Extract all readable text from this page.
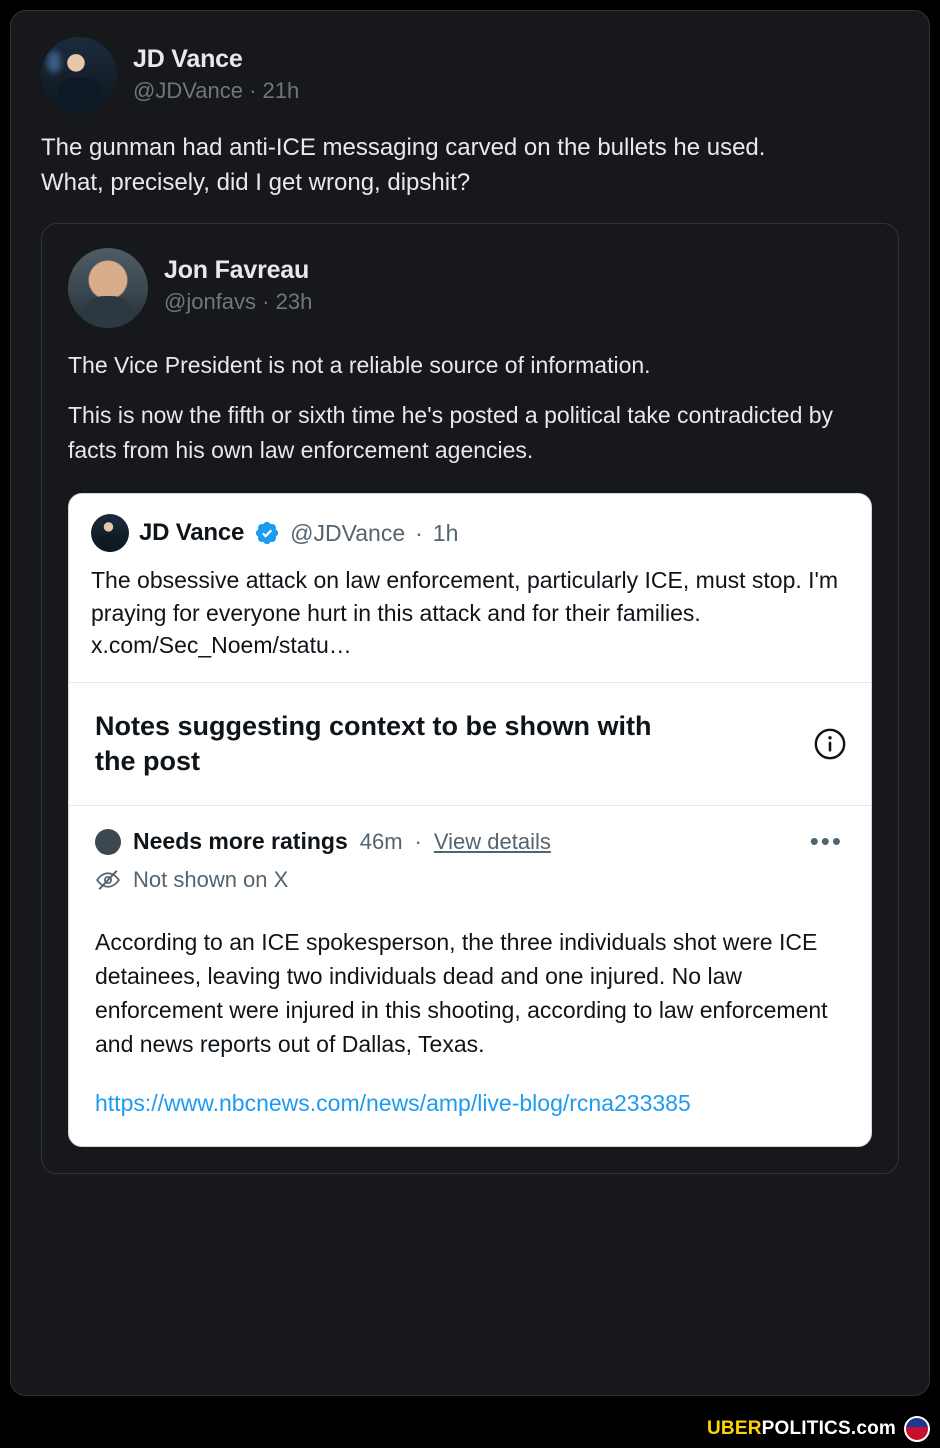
JD Vance
@JDVance · 21h

The gunman had anti-ICE messaging carved on the bullets he used.

What, precisely, did I get wrong, dipshit?

Jon Favreau
@jonfavs · 23h

The Vice President is not a reliable source of information.

This is now the fifth or sixth time he's posted a political take contradicted by facts from his own law enforcement agencies.

JD Vance @JDVance · 1h
The obsessive attack on law enforcement, particularly ICE, must stop. I'm praying for everyone hurt in this attack and for their families. x.com/Sec_Noem/statu…
Notes suggesting context to be shown with the post
Needs more ratings 46m · View details	•••
Not shown on X
According to an ICE spokesperson, the three individuals shot were ICE detainees, leaving two individuals dead and one injured. No law enforcement were injured in this shooting, according to law enforcement and news reports out of Dallas, Texas.
https://www.nbcnews.com/news/amp/live-blog/rcna233385
UBERPOLITICS.com
